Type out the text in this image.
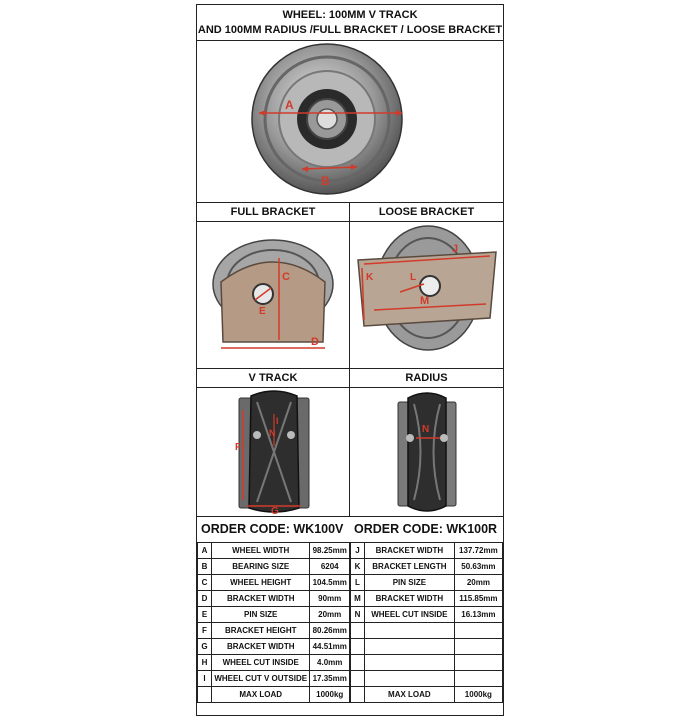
WHEEL: 100MM V TRACK
AND 100MM RADIUS /FULL BRACKET / LOOSE BRACKET
A
B
FULL BRACKET
C
D
E
LOOSE BRACKET
J
K	L
M
V TRACK
F
G
I
N
RADIUS
N
ORDER CODE: WK100V ORDER CODE: WK100R
A	WHEEL WIDTH	98.25mm
B	BEARING SIZE	6204
C	WHEEL HEIGHT	104.5mm
D	BRACKET WIDTH	90mm
E	PIN SIZE	20mm
F	BRACKET HEIGHT	80.26mm
G	BRACKET WIDTH	44.51mm
H	WHEEL CUT INSIDE	4.0mm
I	WHEEL CUT V OUTSIDE	17.35mm
	MAX LOAD	1000kg
J	BRACKET WIDTH	137.72mm
K	BRACKET LENGTH	50.63mm
L	PIN SIZE	20mm
M	BRACKET WIDTH	115.85mm
N	WHEEL CUT INSIDE	16.13mm

	MAX LOAD	1000kg
